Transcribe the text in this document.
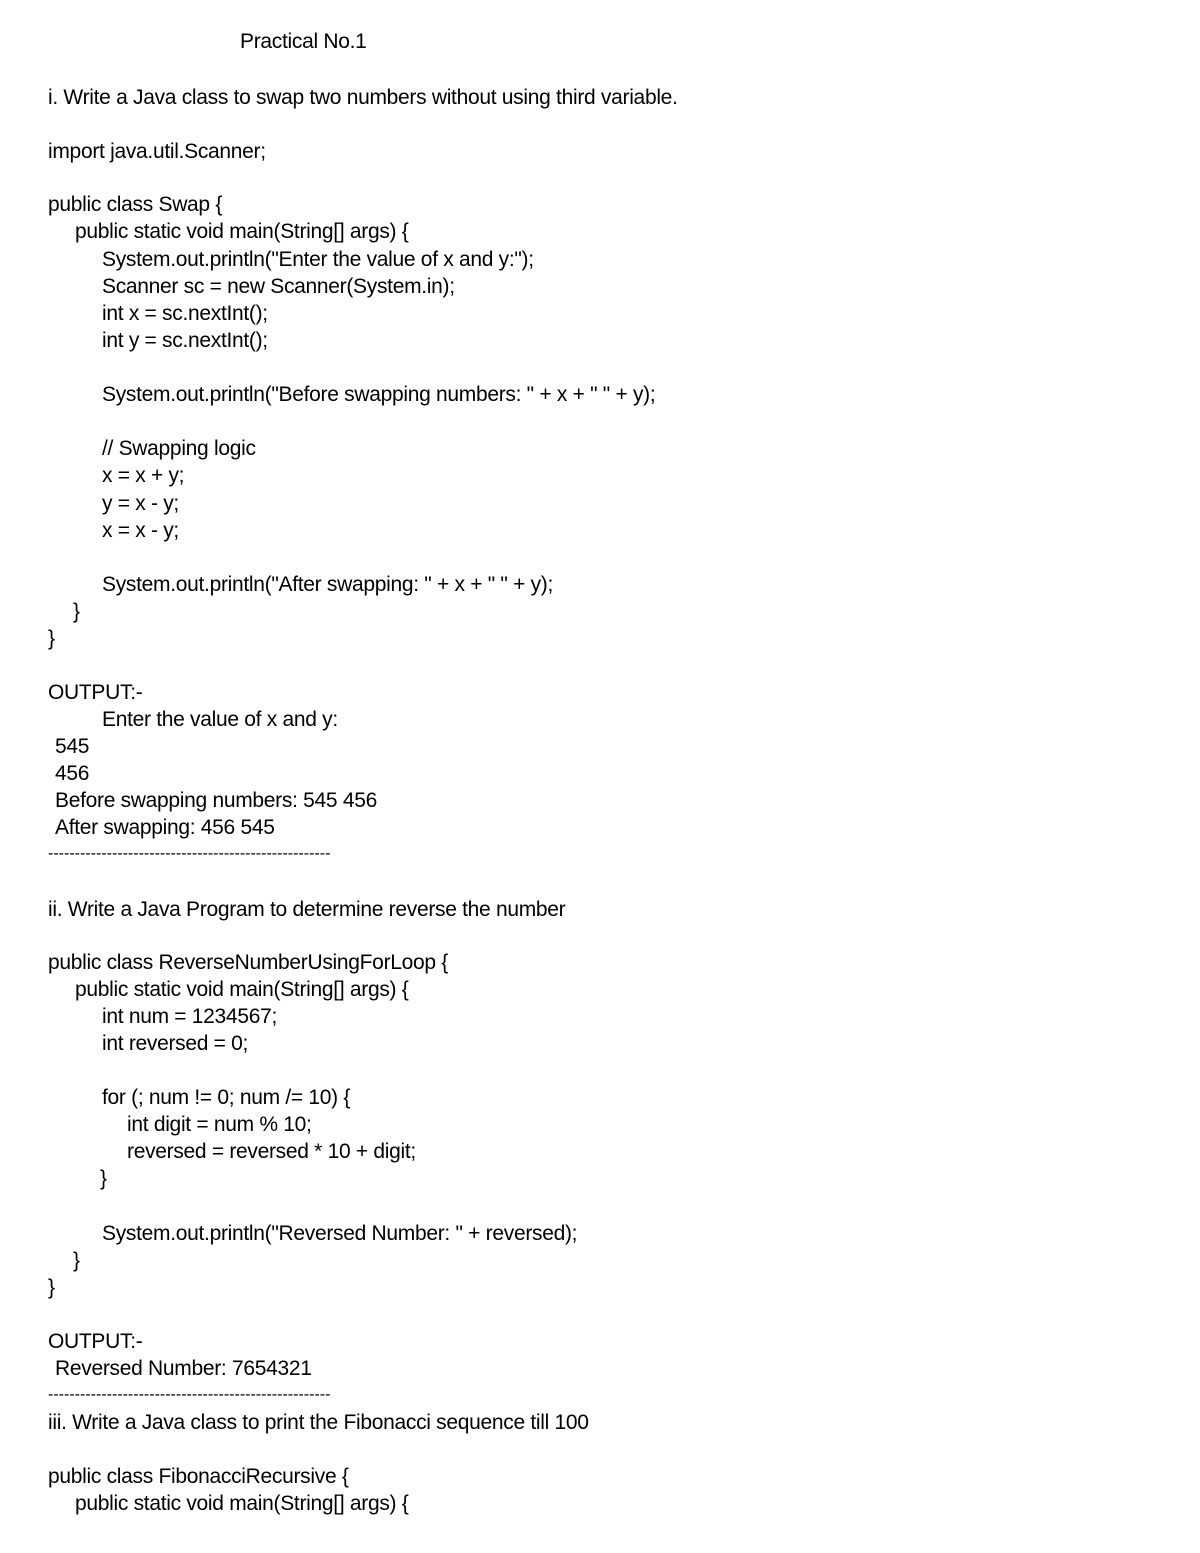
Practical No.1
i. Write a Java class to swap two numbers without using third variable.
import java.util.Scanner;
public class Swap {
public static void main(String[] args) {
System.out.println("Enter the value of x and y:");
Scanner sc = new Scanner(System.in);
int x = sc.nextInt();
int y = sc.nextInt();
System.out.println("Before swapping numbers: " + x + " " + y);
// Swapping logic
x = x + y;
y = x - y;
x = x - y;
System.out.println("After swapping: " + x + " " + y);
}
}
OUTPUT:-
Enter the value of x and y:
545
456
Before swapping numbers: 545 456
After swapping: 456 545
-----------------------------------------------------
ii. Write a Java Program to determine reverse the number
public class ReverseNumberUsingForLoop {
public static void main(String[] args) {
int num = 1234567;
int reversed = 0;
for (; num != 0; num /= 10) {
int digit = num % 10;
reversed = reversed * 10 + digit;
}
System.out.println("Reversed Number: " + reversed);
}
}
OUTPUT:-
Reversed Number: 7654321
-----------------------------------------------------
iii. Write a Java class to print the Fibonacci sequence till 100
public class FibonacciRecursive {
public static void main(String[] args) {
